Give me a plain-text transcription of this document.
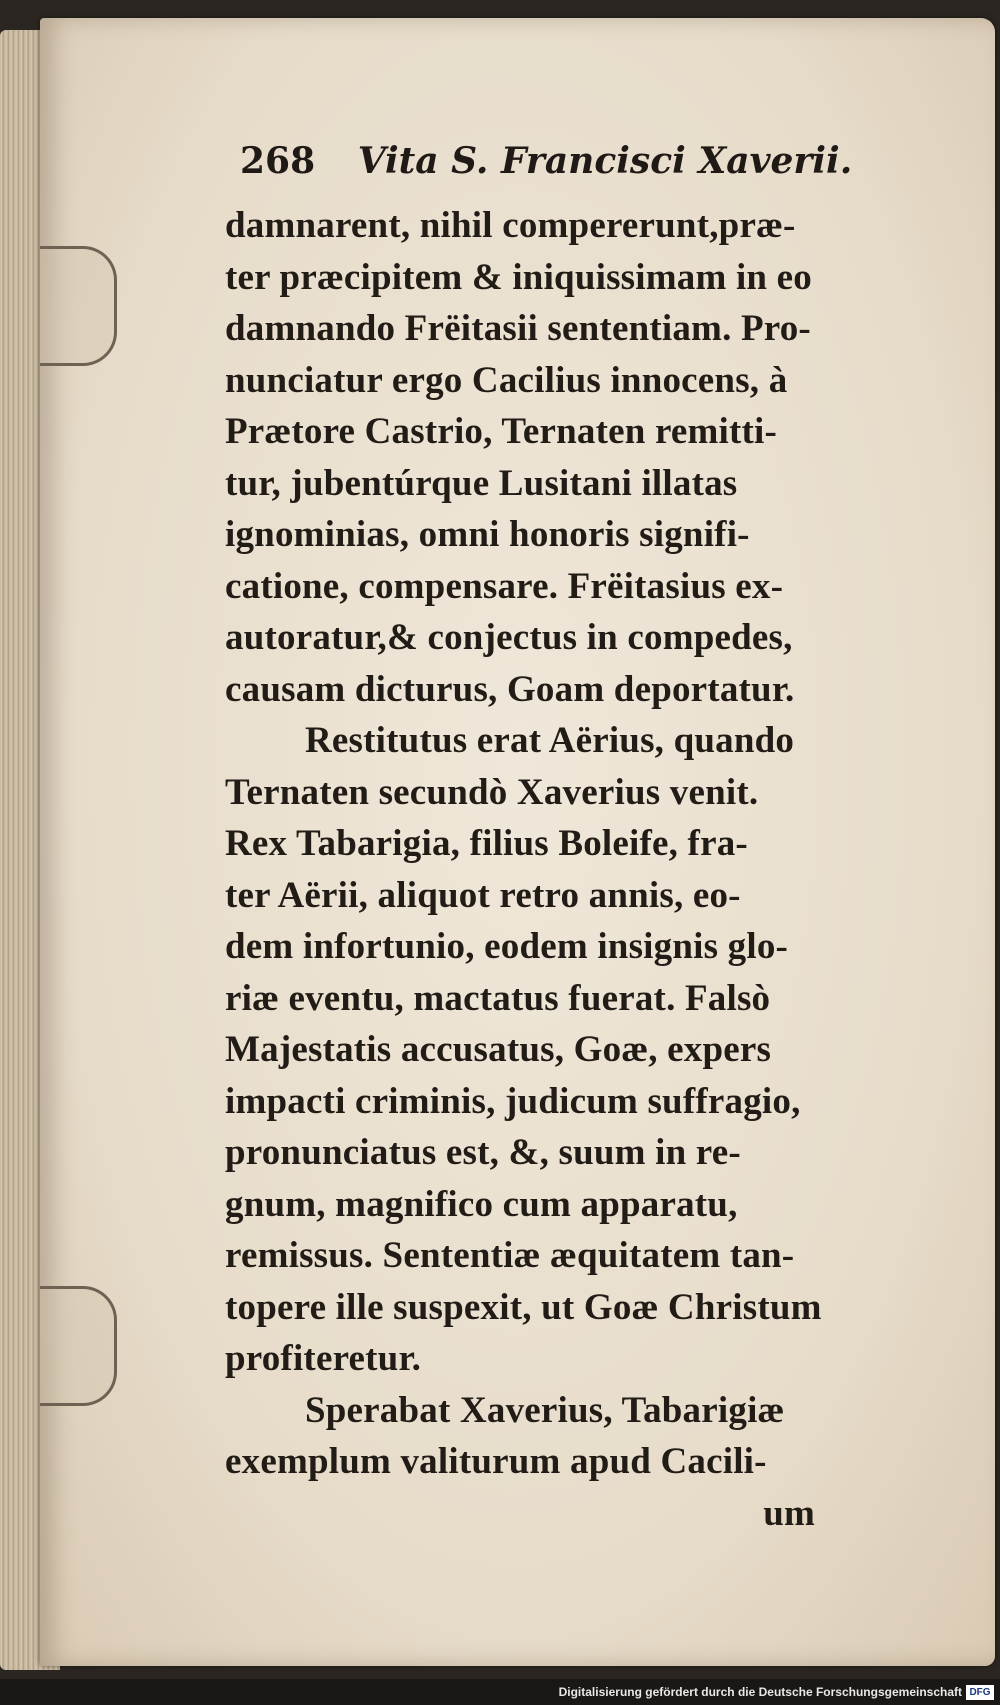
268 Vita S. Francisci Xaverii.
damnarent, nihil compererunt,præ-
ter præcipitem & iniquissimam in eo
damnando Frëitasii sententiam. Pro-
nunciatur ergo Cacilius innocens, à
Prætore Castrio, Ternaten remitti-
tur, jubentúrque Lusitani illatas
ignominias, omni honoris signifi-
catione, compensare. Frëitasius ex-
autoratur,& conjectus in compedes,
causam dicturus, Goam deportatur.
Restitutus erat Aërius, quando
Ternaten secundò Xaverius venit.
Rex Tabarigia, filius Boleife, fra-
ter Aërii, aliquot retro annis, eo-
dem infortunio, eodem insignis glo-
riæ eventu, mactatus fuerat. Falsò
Majestatis accusatus, Goæ, expers
impacti criminis, judicum suffragio,
pronunciatus est, &, suum in re-
gnum, magnifico cum apparatu,
remissus. Sententiæ æquitatem tan-
topere ille suspexit, ut Goæ Christum
profiteretur.
Sperabat Xaverius, Tabarigiæ
exemplum valiturum apud Cacili-
um
Digitalisierung gefördert durch die Deutsche Forschungsgemeinschaft DFG
